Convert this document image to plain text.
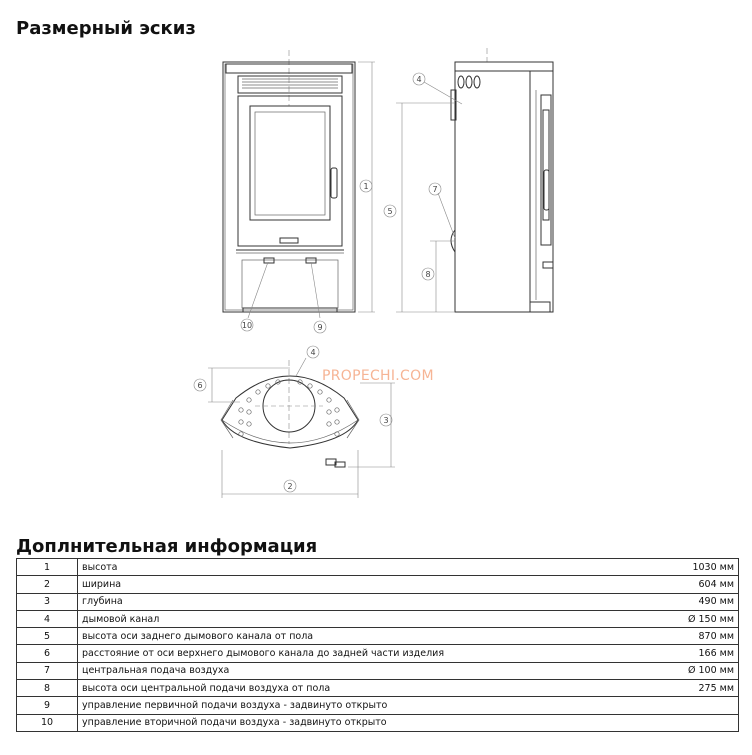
Размерный эскиз
1
2
3
4
4
5
6
7
8
9
10
PROPECHI.COM
Доплнительная информация
1	высота	1030 мм
2	ширина	604 мм
3	глубина	490 мм
4	дымовой канал	Ø 150 мм
5	высота оси заднего дымового канала от пола	870 мм
6	расстояние от оси верхнего дымового канала до задней части изделия	166 мм
7	центральная подача воздуха	Ø 100 мм
8	высота оси центральной подачи воздуха от пола	275 мм
9	управление первичной подачи воздуха - задвинуто открыто	
10	управление вторичной подачи воздуха - задвинуто открыто	
